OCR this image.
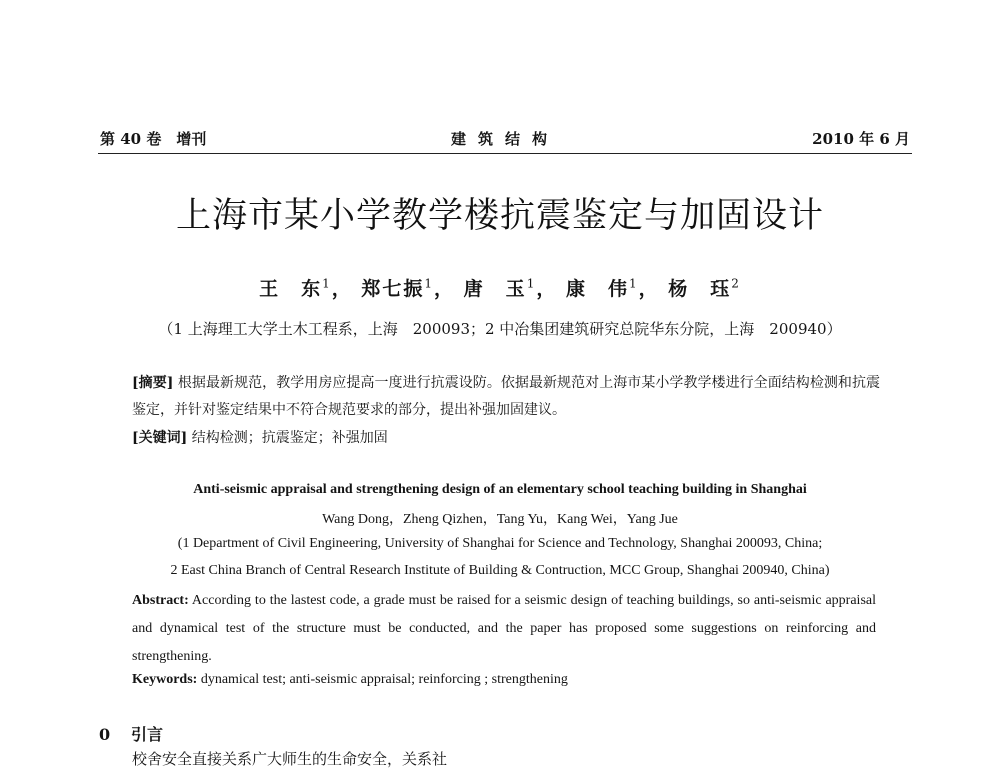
第 40 卷　增刊	建筑结构	2010 年 6 月
上海市某小学教学楼抗震鉴定与加固设计
王　东$^1$， 郑七振$^1$， 唐　玉$^1$， 康　伟$^1$， 杨　珏$^2$
（1 上海理工大学土木工程系，上海　200093；2 中冶集团建筑研究总院华东分院，上海　200940）
[摘要] 根据最新规范，教学用房应提高一度进行抗震设防。依据最新规范对上海市某小学教学楼进行全面结构检测和抗震鉴定，并针对鉴定结果中不符合规范要求的部分，提出补强加固建议。
[关键词] 结构检测；抗震鉴定；补强加固
Anti-seismic appraisal and strengthening design of an elementary school teaching building in Shanghai
Wang Dong，Zheng Qizhen，Tang Yu，Kang Wei，Yang Jue
(1 Department of Civil Engineering, University of Shanghai for Science and Technology, Shanghai 200093, China;
2 East China Branch of Central Research Institute of Building & Contruction, MCC Group, Shanghai 200940, China)
Abstract: According to the lastest code, a grade must be raised for a seismic design of teaching buildings, so anti-seismic appraisal and dynamical test of the structure must be conducted, and the paper has proposed some suggestions on reinforcing and strengthening.
Keywords: dynamical test; anti-seismic appraisal; reinforcing ; strengthening
0 引言
校舍安全直接关系广大师生的生命安全，关系社
